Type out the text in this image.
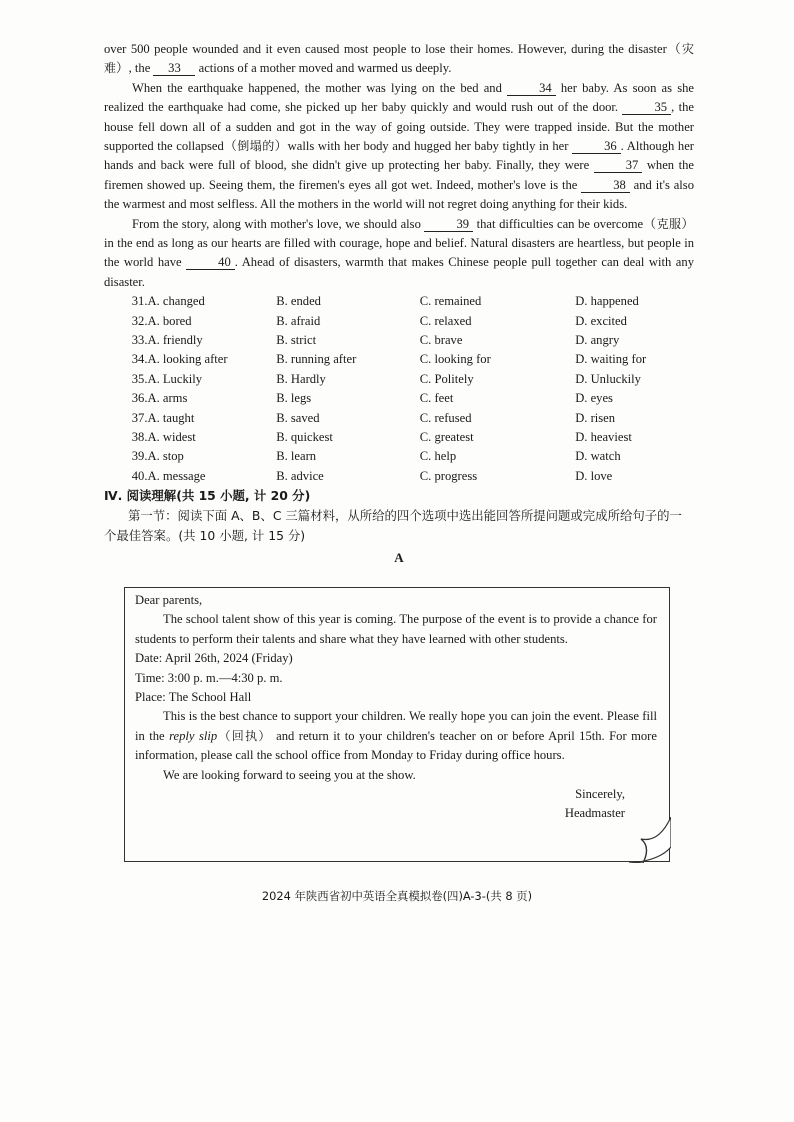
over 500 people wounded and it even caused most people to lose their homes. However, during the disaster（灾难）, the 33 actions of a mother moved and warmed us deeply.

When the earthquake happened, the mother was lying on the bed and	34 her baby. As soon as she realized the earthquake had come, she picked up her baby quickly and would rush out of the door.	35 , the house fell down all of a sudden and got in the way of going outside. They were trapped inside. But the mother supported the collapsed（倒塌的）walls with her body and hugged her baby tightly in her	36 . Although her hands and back were full of blood, she didn't give up protecting her baby. Finally, they were	37 when the firemen showed up. Seeing them, the firemen's eyes all got wet. Indeed, mother's love is the	38 and it's also the warmest and most selfless. All the mothers in the world will not regret doing anything for their kids.

From the story, along with mother's love, we should also	39 that difficulties can be overcome（克服）in the end as long as our hearts are filled with courage, hope and belief. Natural disasters are heartless, but people in the world have	40 . Ahead of disasters, warmth that makes Chinese people pull together can deal with any disaster.

31. A. changed	B. ended	C. remained	D. happened
32. A. bored	B. afraid	C. relaxed	D. excited
33. A. friendly	B. strict	C. brave	D. angry
34. A. looking after	B. running after	C. looking for	D. waiting for
35. A. Luckily	B. Hardly	C. Politely	D. Unluckily
36. A. arms	B. legs	C. feet	D. eyes
37. A. taught	B. saved	C. refused	D. risen
38. A. widest	B. quickest	C. greatest	D. heaviest
39. A. stop	B. learn	C. help	D. watch
40. A. message	B. advice	C. progress	D. love

Ⅳ. 阅读理解(共 15 小题, 计 20 分)

第一节：阅读下面 A、B、C 三篇材料，从所给的四个选项中选出能回答所提问题或完成所给句子的一个最佳答案。(共 10 小题, 计 15 分)

A

Dear parents,

The school talent show of this year is coming. The purpose of the event is to provide a chance for students to perform their talents and share what they have learned with other students.

Date: April 26th, 2024 (Friday)

Time: 3:00 p. m.—4:30 p. m.

Place: The School Hall

This is the best chance to support your children. We really hope you can join the event. Please fill in the reply slip（回执） and return it to your children's teacher on or before April 15th. For more information, please call the school office from Monday to Friday during office hours.

We are looking forward to seeing you at the show.

Sincerely,

Headmaster

2024 年陕西省初中英语全真模拟卷(四)A-3-(共 8 页)
